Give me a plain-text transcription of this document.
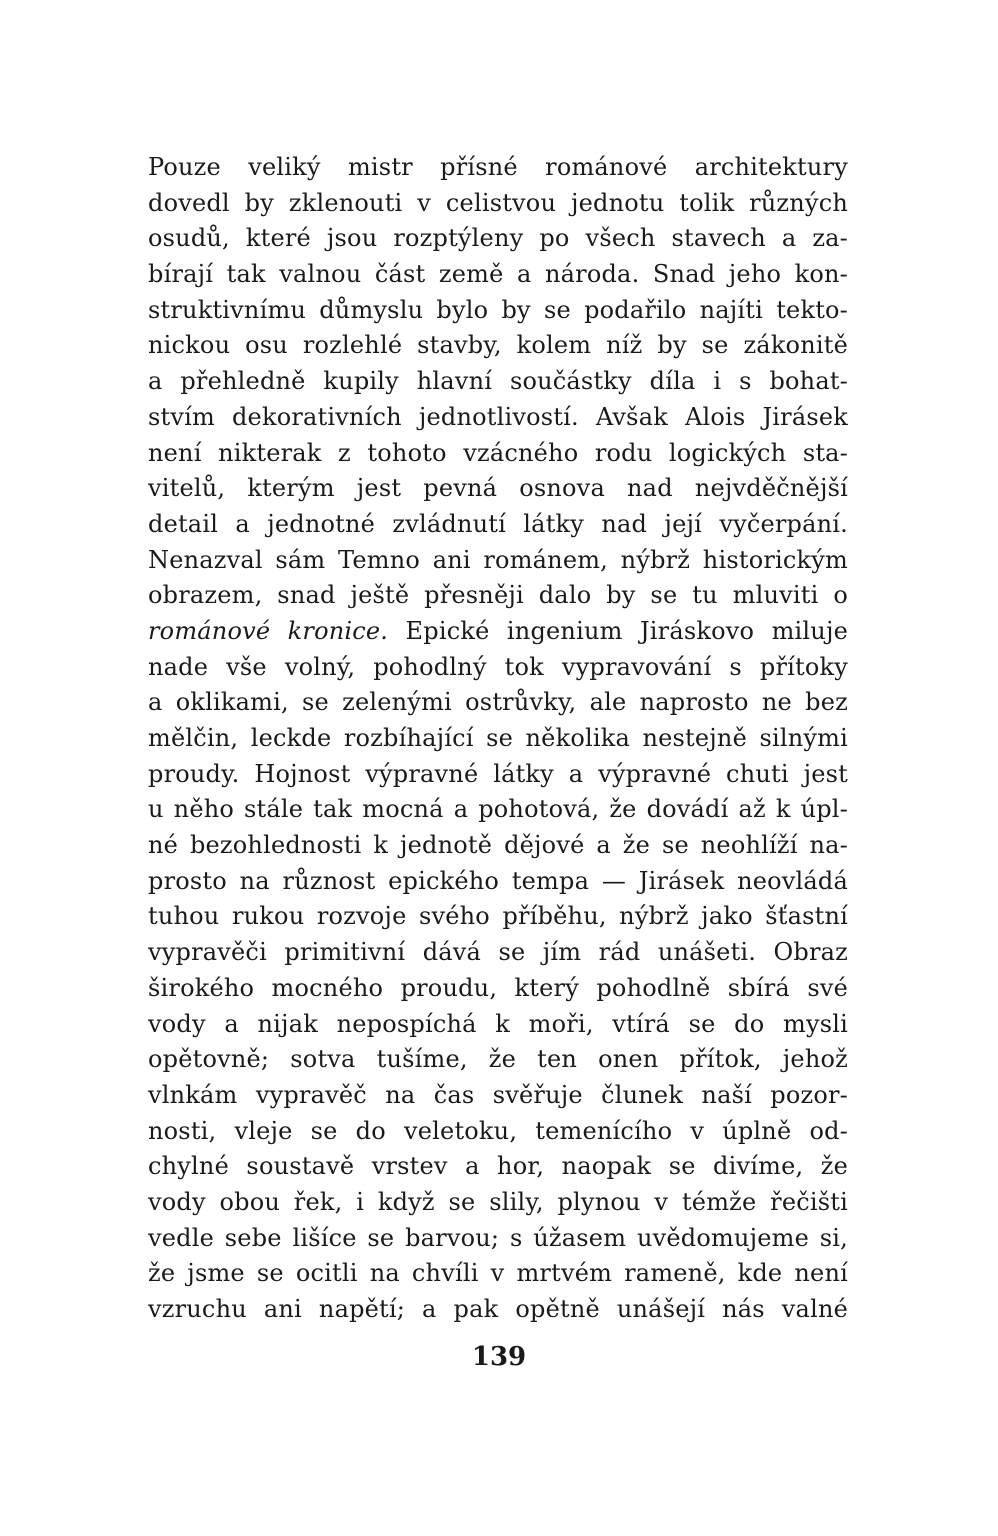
Pouze veliký mistr přísné románové architektury
dovedl by zklenouti v celistvou jednotu tolik různých
osudů, které jsou rozptýleny po všech stavech a za-
bírají tak valnou část země a národa. Snad jeho kon-
struktivnímu důmyslu bylo by se podařilo najíti tekto-
nickou osu rozlehlé stavby, kolem níž by se zákonitě
a přehledně kupily hlavní součástky díla i s bohat-
stvím dekorativních jednotlivostí. Avšak Alois Jirásek
není nikterak z tohoto vzácného rodu logických sta-
vitelů, kterým jest pevná osnova nad nejvděčnější
detail a jednotné zvládnutí látky nad její vyčerpání.
Nenazval sám Temno ani románem, nýbrž historickým
obrazem, snad ještě přesněji dalo by se tu mluviti o
románové kronice. Epické ingenium Jiráskovo miluje
nade vše volný, pohodlný tok vypravování s přítoky
a oklikami, se zelenými ostrůvky, ale naprosto ne bez
mělčin, leckde rozbíhající se několika nestejně silnými
proudy. Hojnost výpravné látky a výpravné chuti jest
u něho stále tak mocná a pohotová, že dovádí až k úpl-
né bezohlednosti k jednotě dějové a že se neohlíží na-
prosto na různost epického tempa — Jirásek neovládá
tuhou rukou rozvoje svého příběhu, nýbrž jako šťastní
vypravěči primitivní dává se jím rád unášeti. Obraz
širokého mocného proudu, který pohodlně sbírá své
vody a nijak nepospíchá k moři, vtírá se do mysli
opětovně; sotva tušíme, že ten onen přítok, jehož
vlnkám vypravěč na čas svěřuje člunek naší pozor-
nosti, vleje se do veletoku, temenícího v úplně od-
chylné soustavě vrstev a hor, naopak se divíme, že
vody obou řek, i když se slily, plynou v témže řečišti
vedle sebe lišíce se barvou; s úžasem uvědomujeme si,
že jsme se ocitli na chvíli v mrtvém rameně, kde není
vzruchu ani napětí; a pak opětně unášejí nás valné
139
